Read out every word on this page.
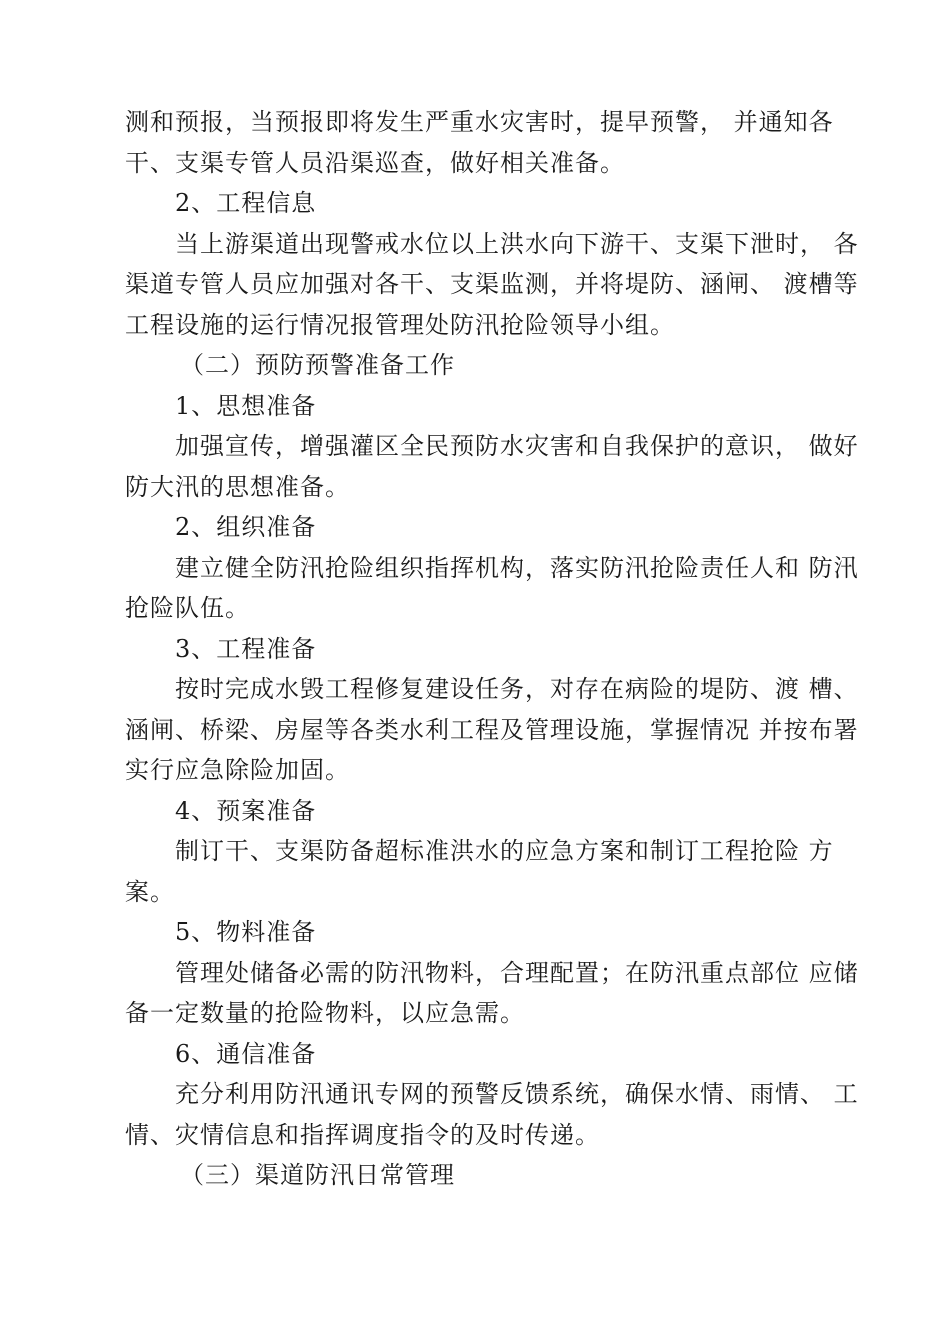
测和预报，当预报即将发生严重水灾害时，提早预警， 并通知各

干、支渠专管人员沿渠巡查，做好相关准备。

2、工程信息

当上游渠道出现警戒水位以上洪水向下游干、支渠下泄时， 各

渠道专管人员应加强对各干、支渠监测，并将堤防、涵闸、 渡槽等

工程设施的运行情况报管理处防汛抢险领导小组。

（二）预防预警准备工作

1、思想准备

加强宣传，增强灌区全民预防水灾害和自我保护的意识， 做好

防大汛的思想准备。

2、组织准备

建立健全防汛抢险组织指挥机构，落实防汛抢险责任人和 防汛

抢险队伍。

3、工程准备

按时完成水毁工程修复建设任务，对存在病险的堤防、渡 槽、

涵闸、桥梁、房屋等各类水利工程及管理设施，掌握情况 并按布署

实行应急除险加固。

4、预案准备

制订干、支渠防备超标准洪水的应急方案和制订工程抢险 方

案。

5、物料准备

管理处储备必需的防汛物料，合理配置；在防汛重点部位 应储

备一定数量的抢险物料，以应急需。

6、通信准备

充分利用防汛通讯专网的预警反馈系统，确保水情、雨情、 工

情、灾情信息和指挥调度指令的及时传递。

（三）渠道防汛日常管理
